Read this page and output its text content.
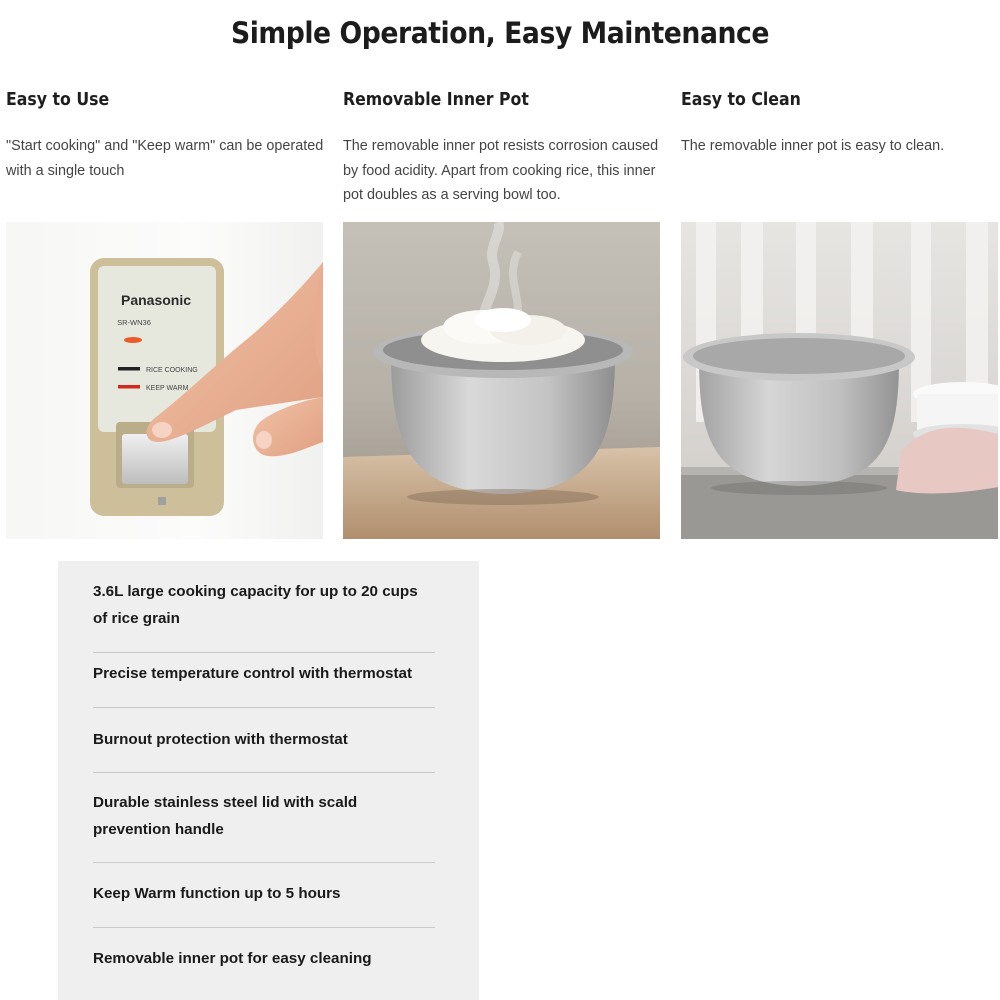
Simple Operation, Easy Maintenance
Easy to Use

"Start cooking" and "Keep warm" can be operated with a single touch

Panasonic
SR-WN36
RICE COOKING
KEEP WARM
Removable Inner Pot

The removable inner pot resists corrosion caused by food acidity. Apart from cooking rice, this inner pot doubles as a serving bowl too.

Easy to Clean

The removable inner pot is easy to clean.

3.6L large cooking capacity for up to 20 cups of rice grain
Precise temperature control with thermostat
Burnout protection with thermostat
Durable stainless steel lid with scald prevention handle
Keep Warm function up to 5 hours
Removable inner pot for easy cleaning
